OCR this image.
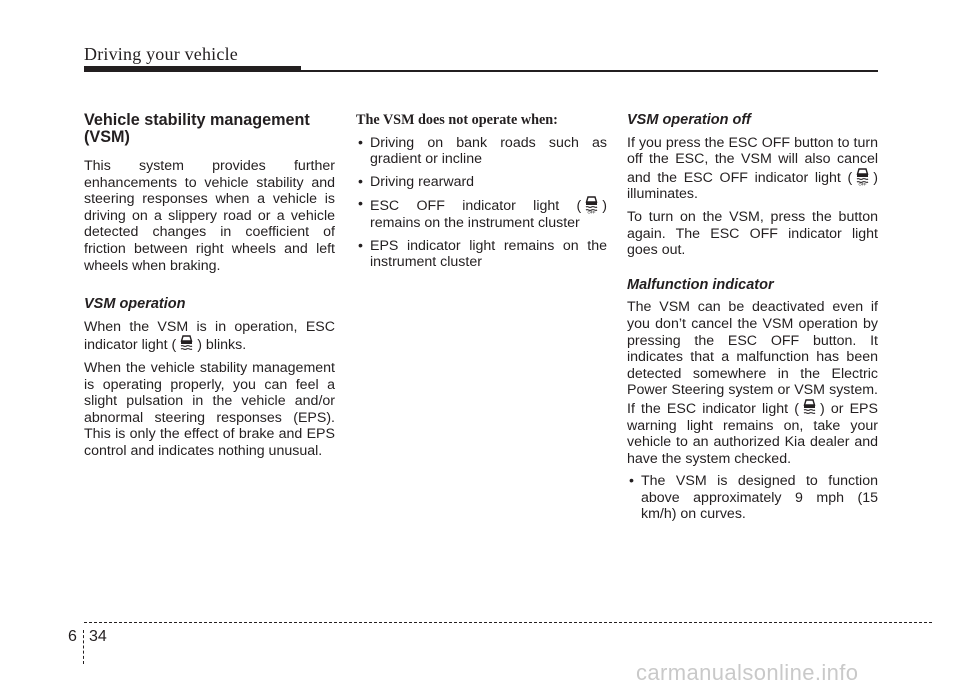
Driving your vehicle
Vehicle stability management (VSM)

This system provides further enhancements to vehicle stability and steering responses when a vehicle is driving on a slippery road or a vehicle detected changes in coefficient of friction between right wheels and left wheels when braking.

VSM operation

When the VSM is in operation, ESC indicator light ( ) blinks.

When the vehicle stability management is operating properly, you can feel a slight pulsation in the vehicle and/or abnormal steering responses (EPS). This is only the effect of brake and EPS control and indicates nothing unusual.

The VSM does not operate when:
• Driving on bank roads such as gradient or incline
• Driving rearward
• ESC OFF indicator light ( OFF ) remains on the instrument cluster
• EPS indicator light remains on the instrument cluster
VSM operation off

If you press the ESC OFF button to turn off the ESC, the VSM will also cancel and the ESC OFF indicator light ( OFF ) illuminates.

To turn on the VSM, press the button again. The ESC OFF indicator light goes out.

Malfunction indicator

The VSM can be deactivated even if you don’t cancel the VSM operation by pressing the ESC OFF button. It indicates that a malfunction has been detected somewhere in the Electric Power Steering system or VSM system. If the ESC indicator light ( ) or EPS warning light remains on, take your vehicle to an authorized Kia dealer and have the system checked.

• The VSM is designed to function above approximately 9 mph (15 km/h) on curves.
6 34
carmanualsonline.info
